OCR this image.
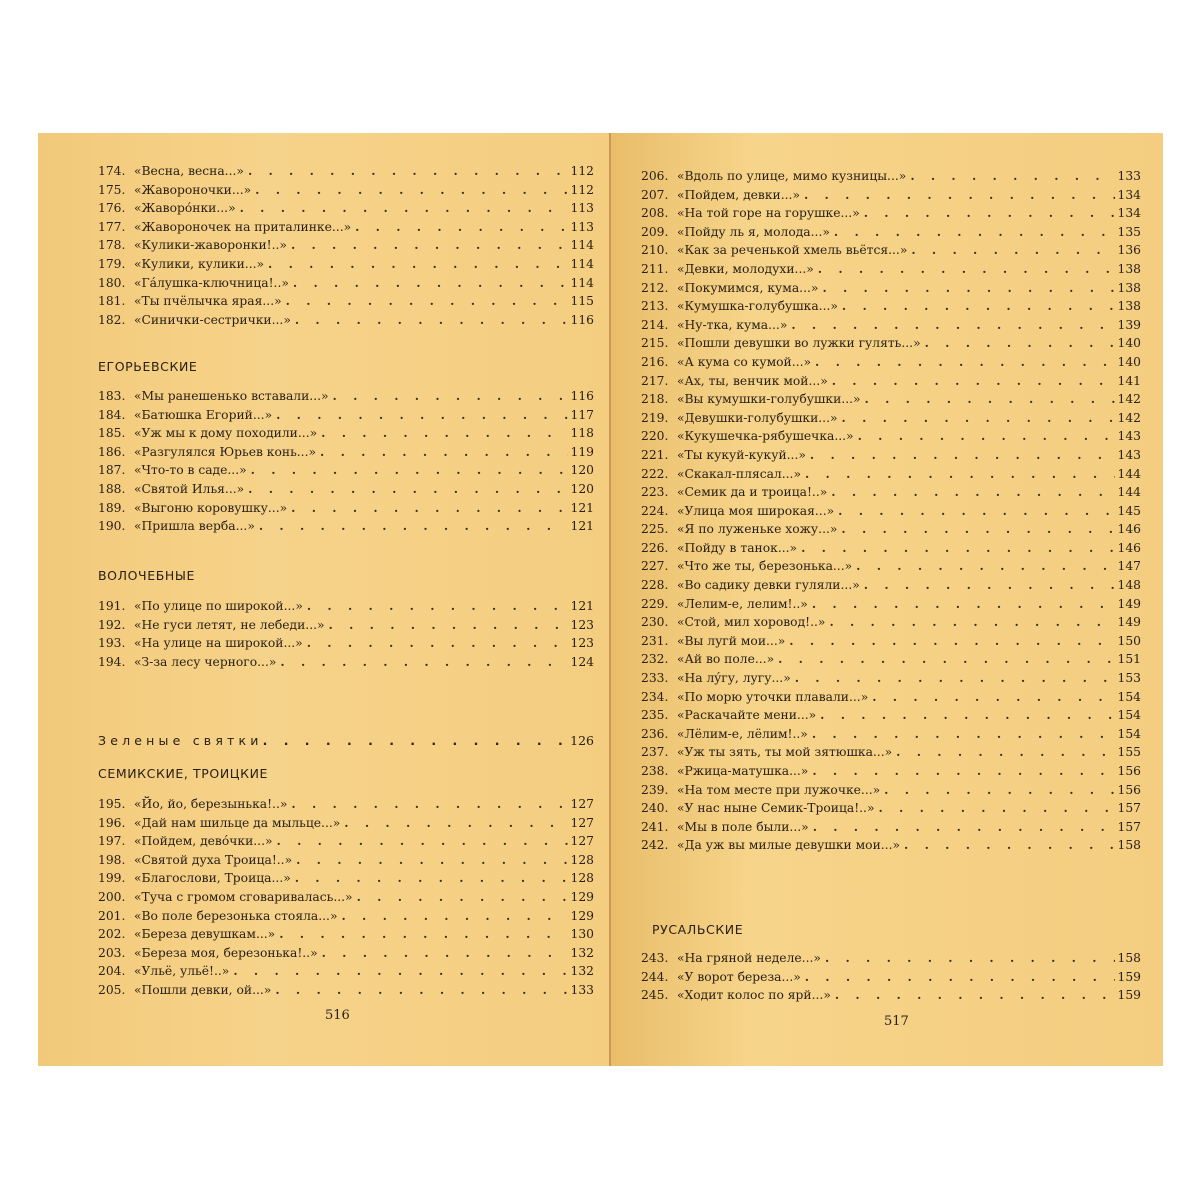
174. «Весна, весна...» . . .	112
175. «Жавороночки...» . . .	112
176. «Жаворо́нки...» . . .	113
177. «Жавороночек на приталинке...» . . .	113
178. «Кулики-жаворонки!..» . . .	114
179. «Кулики, кулики...» . . .	114
180. «Гáлушка-ключница!..» . . .	114
181. «Ты пчёлычка ярая...» . . .	115
182. «Синички-сестрички...» . . .	116
ЕГОРЬЕВСКИЕ
183. «Мы ранешенько вставали...» . . .	116
184. «Батюшка Егорий...» . . .	117
185. «Уж мы к дому походили...» . . .	118
186. «Разгулялся Юрьев конь...» . . .	119
187. «Что-то в саде...» . . .	120
188. «Святой Илья...» . . .	120
189. «Выгоню коровушку...» . . .	121
190. «Пришла верба...» . . .	121
ВОЛОЧЕБНЫЕ
191. «По улице по широкой...» . . .	121
192. «Не гуси летят, не лебеди...» . . .	123
193. «На улице на широкой...» . . .	123
194. «З-за лесу черного...» . . .	124
Зеленые святки . . .	126
СЕМИКСКИЕ, ТРОИЦКИЕ
195. «Йо, йо, березынька!..» . . .	127
196. «Дай нам шильце да мыльце...» . . .	127
197. «Пойдем, девóчки...» . . .	127
198. «Святой духа Троица!..» . . .	128
199. «Благослови, Троица...» . . .	128
200. «Туча с громом сговаривалась...» . . .	129
201. «Во поле березонька стояла...» . . .	129
202. «Береза девушкам...» . . .	130
203. «Береза моя, березонька!..» . . .	132
204. «Ульё, ульё!..» . . .	132
205. «Пошли девки, ой...» . . .	133
516
206. «Вдоль по улице, мимо кузницы...» . . .	133
207. «Пойдем, девки...» . . .	134
208. «На той горе на горушке...» . . .	134
209. «Пойду ль я, молода...» . . .	135
210. «Как за реченькой хмель вьётся...» . . .	136
211. «Девки, молодухи...» . . .	138
212. «Покумимся, кума...» . . .	138
213. «Кумушка-голубушка...» . . .	138
214. «Ну-тка, кума...» . . .	139
215. «Пошли девушки во лужки гулять...» . . .	140
216. «А кума со кумой...» . . .	140
217. «Ах, ты, венчик мой...» . . .	141
218. «Вы кумушки-голубушки...» . . .	142
219. «Девушки-голубушки...» . . .	142
220. «Кукушечка-рябушечка...» . . .	143
221. «Ты кукуй-кукуй...» . . .	143
222. «Скакал-плясал...» . . .	144
223. «Семик да и троица!..» . . .	144
224. «Улица моя широкая...» . . .	145
225. «Я по луженьке хожу...» . . .	146
226. «Пойду в танок...» . . .	146
227. «Что же ты, березонька...» . . .	147
228. «Во садику девки гуляли...» . . .	148
229. «Лелим-е, лелим!..» . . .	149
230. «Стой, мил хоровод!..» . . .	149
231. «Вы лугй мои...» . . .	150
232. «Ай во поле...» . . .	151
233. «На лýгу, лугу...» . . .	153
234. «По морю уточки плавали...» . . .	154
235. «Раскачайте мени...» . . .	154
236. «Лёлим-е, лёлим!..» . . .	154
237. «Уж ты зять, ты мой зятюшка...» . . .	155
238. «Ржица-матушка...» . . .	156
239. «На том месте при лужочке...» . . .	156
240. «У нас ныне Семик-Троица!..» . . .	157
241. «Мы в поле были...» . . .	157
242. «Да уж вы милые девушки мои...» . . .	158
РУСАЛЬСКИЕ
243. «На гряной неделе...» . . .	158
244. «У ворот береза...» . . .	159
245. «Ходит колос по ярй...» . . .	159
517
